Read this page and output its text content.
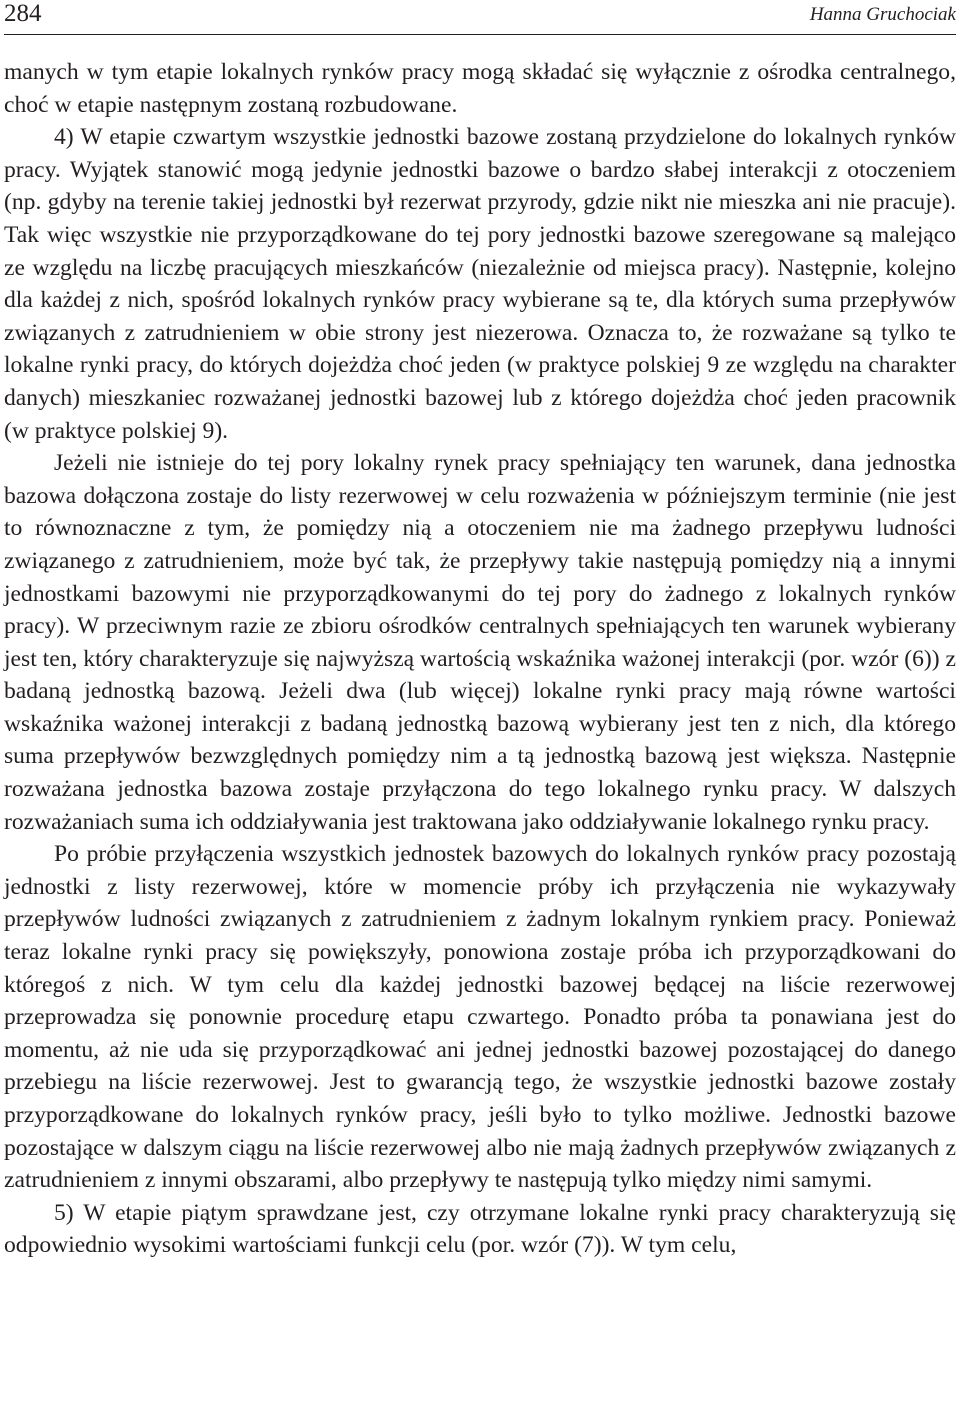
284	Hanna Gruchociak

manych w tym etapie lokalnych rynków pracy mogą składać się wyłącznie z ośrodka centralnego, choć w etapie następnym zostaną rozbudowane.

4) W etapie czwartym wszystkie jednostki bazowe zostaną przydzielone do lokalnych rynków pracy. Wyjątek stanowić mogą jedynie jednostki bazowe o bardzo słabej interakcji z otoczeniem (np. gdyby na terenie takiej jednostki był rezerwat przyrody, gdzie nikt nie mieszka ani nie pracuje). Tak więc wszystkie nie przyporządkowane do tej pory jednostki bazowe szeregowane są malejąco ze względu na liczbę pracujących mieszkańców (niezależnie od miejsca pracy). Następnie, kolejno dla każdej z nich, spośród lokalnych rynków pracy wybierane są te, dla których suma przepływów związanych z zatrudnieniem w obie strony jest niezerowa. Oznacza to, że rozważane są tylko te lokalne rynki pracy, do których dojeżdża choć jeden (w praktyce polskiej 9 ze względu na charakter danych) mieszkaniec rozważanej jednostki bazowej lub z którego dojeżdża choć jeden pracownik (w praktyce polskiej 9).

Jeżeli nie istnieje do tej pory lokalny rynek pracy spełniający ten warunek, dana jednostka bazowa dołączona zostaje do listy rezerwowej w celu rozważenia w późniejszym terminie (nie jest to równoznaczne z tym, że pomiędzy nią a otoczeniem nie ma żadnego przepływu ludności związanego z zatrudnieniem, może być tak, że przepływy takie następują pomiędzy nią a innymi jednostkami bazowymi nie przyporządkowanymi do tej pory do żadnego z lokalnych rynków pracy). W przeciwnym razie ze zbioru ośrodków centralnych spełniających ten warunek wybierany jest ten, który charakteryzuje się najwyższą wartością wskaźnika ważonej interakcji (por. wzór (6)) z badaną jednostką bazową. Jeżeli dwa (lub więcej) lokalne rynki pracy mają równe wartości wskaźnika ważonej interakcji z badaną jednostką bazową wybierany jest ten z nich, dla którego suma przepływów bezwzględnych pomiędzy nim a tą jednostką bazową jest większa. Następnie rozważana jednostka bazowa zostaje przyłączona do tego lokalnego rynku pracy. W dalszych rozważaniach suma ich oddziaływania jest traktowana jako oddziaływanie lokalnego rynku pracy.

Po próbie przyłączenia wszystkich jednostek bazowych do lokalnych rynków pracy pozostają jednostki z listy rezerwowej, które w momencie próby ich przyłączenia nie wykazywały przepływów ludności związanych z zatrudnieniem z żadnym lokalnym rynkiem pracy. Ponieważ teraz lokalne rynki pracy się powiększyły, ponowiona zostaje próba ich przyporządkowani do któregoś z nich. W tym celu dla każdej jednostki bazowej będącej na liście rezerwowej przeprowadza się ponownie procedurę etapu czwartego. Ponadto próba ta ponawiana jest do momentu, aż nie uda się przyporządkować ani jednej jednostki bazowej pozostającej do danego przebiegu na liście rezerwowej. Jest to gwarancją tego, że wszystkie jednostki bazowe zostały przyporządkowane do lokalnych rynków pracy, jeśli było to tylko możliwe. Jednostki bazowe pozostające w dalszym ciągu na liście rezerwowej albo nie mają żadnych przepływów związanych z zatrudnieniem z innymi obszarami, albo przepływy te następują tylko między nimi samymi.

5) W etapie piątym sprawdzane jest, czy otrzymane lokalne rynki pracy charakteryzują się odpowiednio wysokimi wartościami funkcji celu (por. wzór (7)). W tym celu,
